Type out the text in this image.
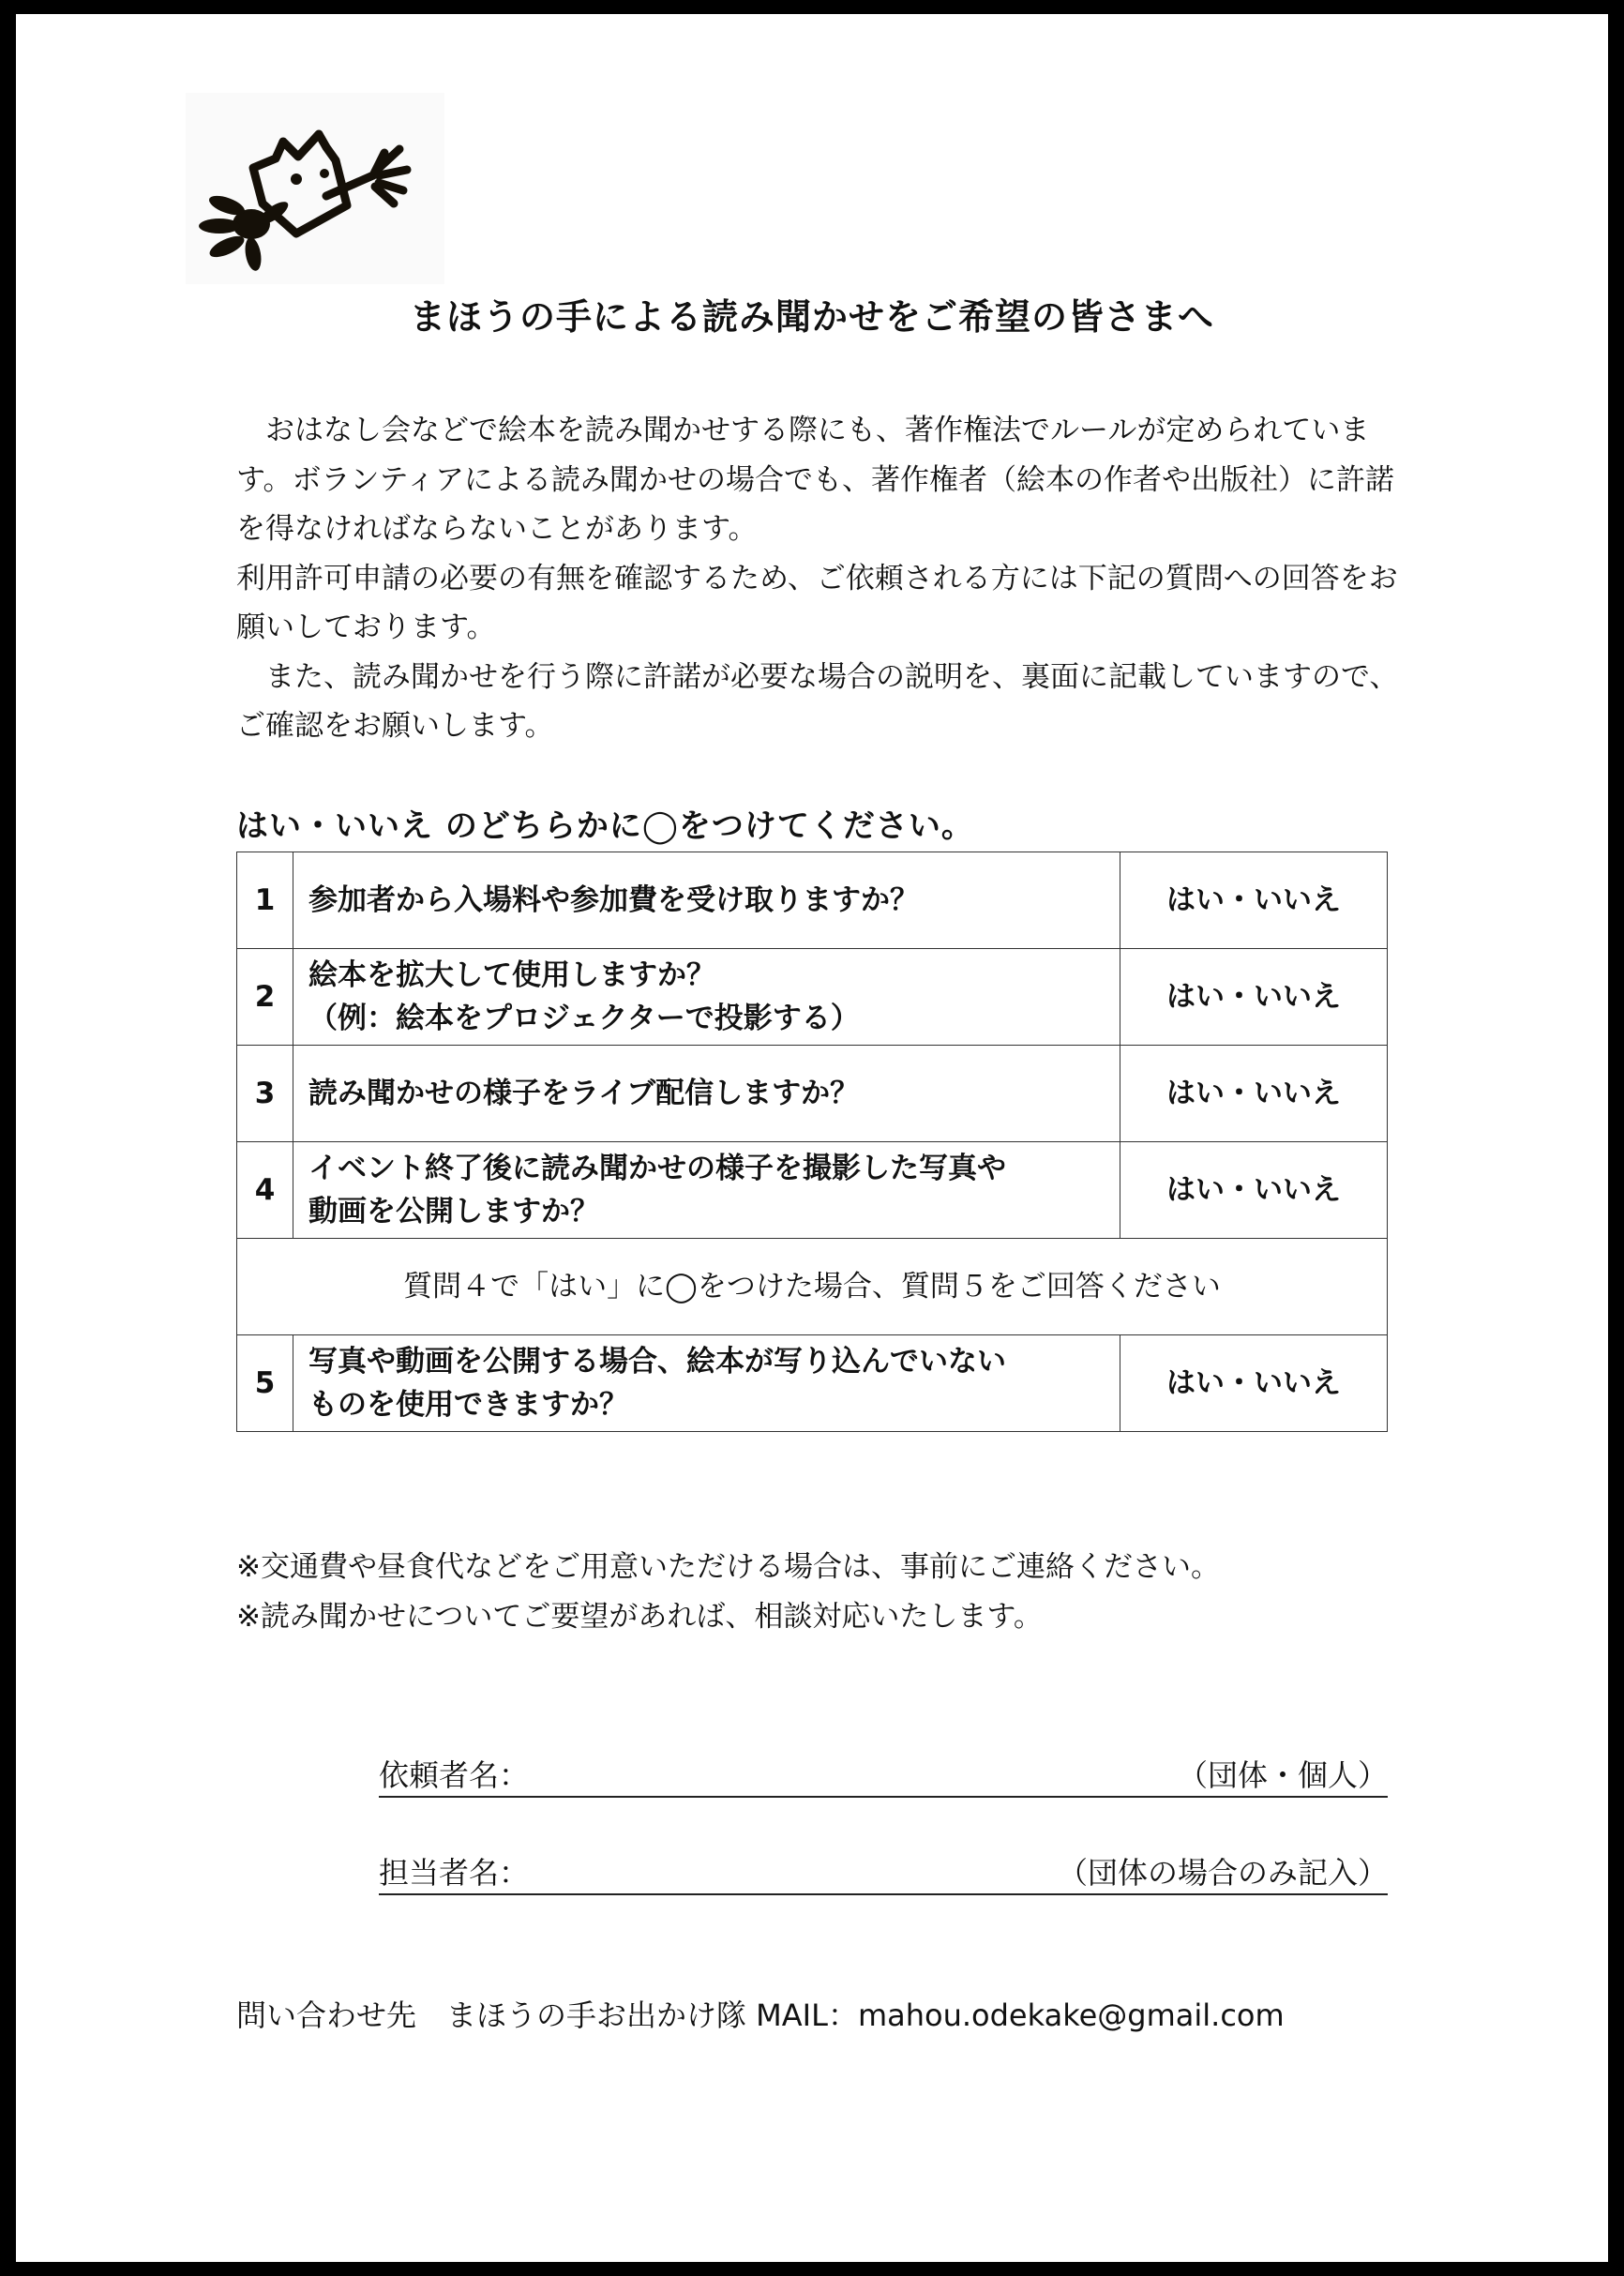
まほうの手による読み聞かせをご希望の皆さまへ

　おはなし会などで絵本を読み聞かせする際にも、著作権法でルールが定められています。ボランティアによる読み聞かせの場合でも、著作権者（絵本の作者や出版社）に許諾を得なければならないことがあります。

利用許可申請の必要の有無を確認するため、ご依頼される方には下記の質問への回答をお願いしております。

　また、読み聞かせを行う際に許諾が必要な場合の説明を、裏面に記載していますので、ご確認をお願いします。

はい・いいえ のどちらかに◯をつけてください。
1	参加者から入場料や参加費を受け取りますか？	はい・いいえ
2	絵本を拡大して使用しますか？
（例：絵本をプロジェクターで投影する）	はい・いいえ
3	読み聞かせの様子をライブ配信しますか？	はい・いいえ
4	イベント終了後に読み聞かせの様子を撮影した写真や
動画を公開しますか？	はい・いいえ
質問４で「はい」に◯をつけた場合、質問５をご回答ください		
5	写真や動画を公開する場合、絵本が写り込んでいない
ものを使用できますか？	はい・いいえ
※交通費や昼食代などをご用意いただける場合は、事前にご連絡ください。
※読み聞かせについてご要望があれば、相談対応いたします。
依頼者名：	（団体・個人）
担当者名：	（団体の場合のみ記入）
問い合わせ先　まほうの手お出かけ隊 MAIL：mahou.odekake@gmail.com
